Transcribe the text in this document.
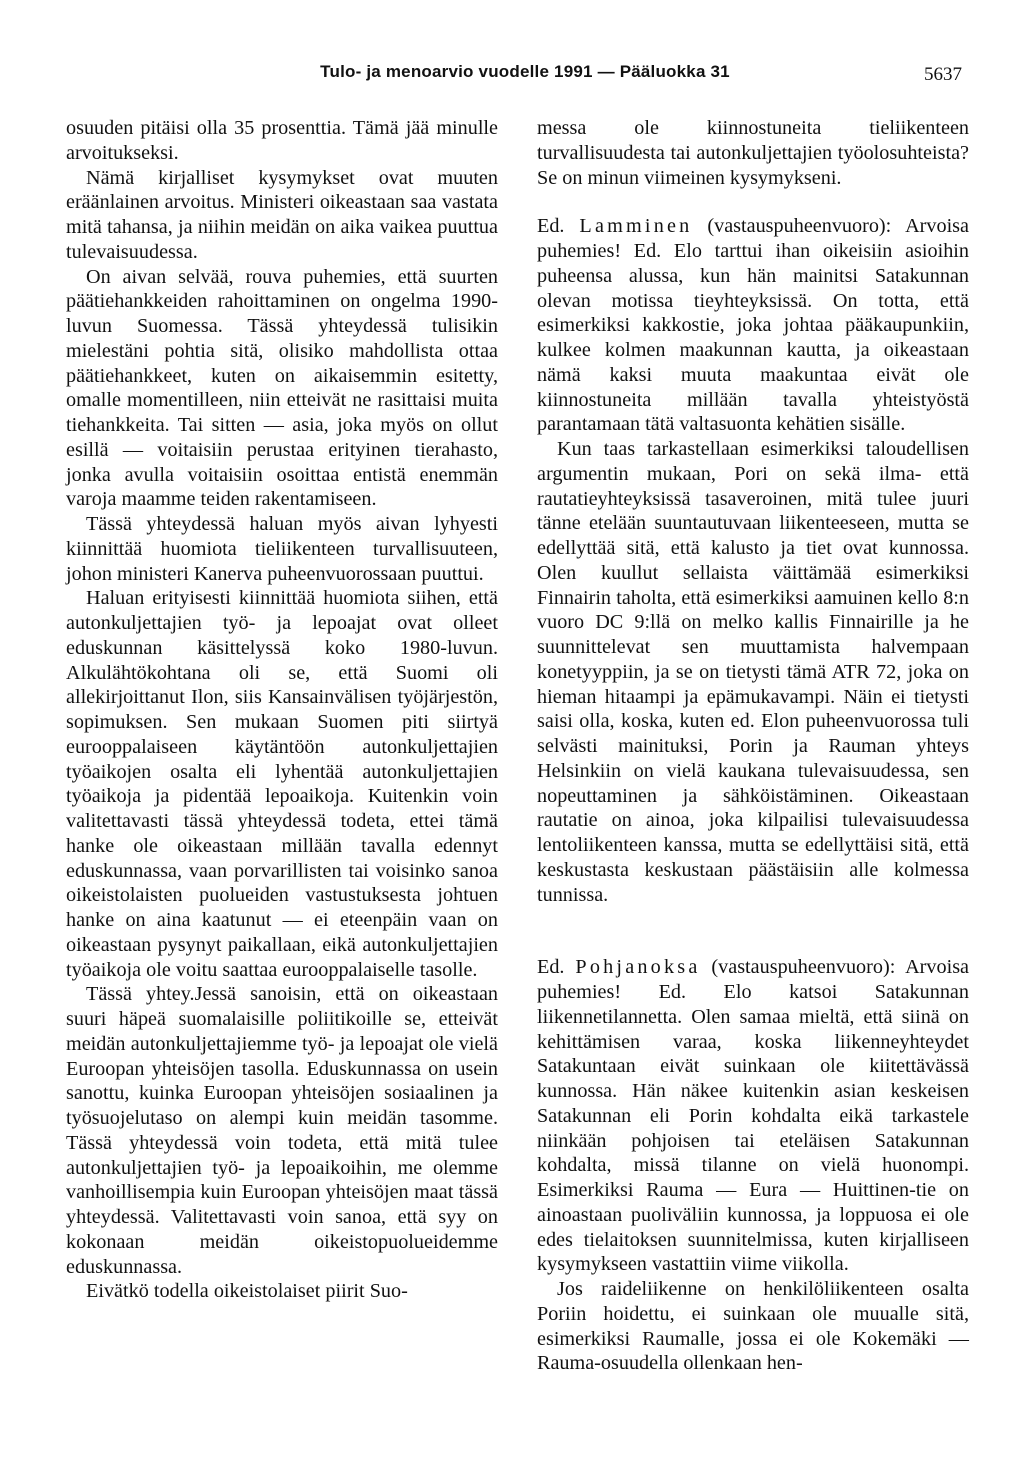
Tulo- ja menoarvio vuodelle 1991 — Pääluokka 31	5637

osuuden pitäisi olla 35 prosenttia. Tämä jää minulle arvoitukseksi.

Nämä kirjalliset kysymykset ovat muuten eräänlainen arvoitus. Ministeri oikeastaan saa vastata mitä tahansa, ja niihin meidän on aika vaikea puuttua tulevaisuudessa.

On aivan selvää, rouva puhemies, että suurten päätiehankkeiden rahoittaminen on ongelma 1990-luvun Suomessa. Tässä yhteydessä tulisikin mielestäni pohtia sitä, olisiko mahdollista ottaa päätiehankkeet, kuten on aikaisemmin esitetty, omalle momentilleen, niin etteivät ne rasittaisi muita tiehankkeita. Tai sitten — asia, joka myös on ollut esillä — voitaisiin perustaa erityinen tierahasto, jonka avulla voitaisiin osoittaa entistä enemmän varoja maamme teiden rakentamiseen.

Tässä yhteydessä haluan myös aivan lyhyesti kiinnittää huomiota tieliikenteen turvallisuuteen, johon ministeri Kanerva puheenvuorossaan puuttui.

Haluan erityisesti kiinnittää huomiota siihen, että autonkuljettajien työ- ja lepoajat ovat olleet eduskunnan käsittelyssä koko 1980-luvun. Alkulähtökohtana oli se, että Suomi oli allekirjoittanut Ilon, siis Kansainvälisen työjärjestön, sopimuksen. Sen mukaan Suomen piti siirtyä eurooppalaiseen käytäntöön autonkuljettajien työaikojen osalta eli lyhentää autonkuljettajien työaikoja ja pidentää lepoaikoja. Kuitenkin voin valitettavasti tässä yhteydessä todeta, ettei tämä hanke ole oikeastaan millään tavalla edennyt eduskunnassa, vaan porvarillisten tai voisinko sanoa oikeistolaisten puolueiden vastustuksesta johtuen hanke on aina kaatunut — ei eteenpäin vaan on oikeastaan pysynyt paikallaan, eikä autonkuljettajien työaikoja ole voitu saattaa eurooppalaiselle tasolle.

Tässä yhtey.Jessä sanoisin, että on oikeastaan suuri häpeä suomalaisille poliitikoille se, etteivät meidän autonkuljettajiemme työ- ja lepoajat ole vielä Euroopan yhteisöjen tasolla. Eduskunnassa on usein sanottu, kuinka Euroopan yhteisöjen sosiaalinen ja työsuojelutaso on alempi kuin meidän tasomme. Tässä yhteydessä voin todeta, että mitä tulee autonkuljettajien työ- ja lepoaikoihin, me olemme vanhoillisempia kuin Euroopan yhteisöjen maat tässä yhteydessä. Valitettavasti voin sanoa, että syy on kokonaan meidän oikeistopuolueidemme eduskunnassa.

Eivätkö todella oikeistolaiset piirit Suo-

messa ole kiinnostuneita tieliikenteen turvallisuudesta tai autonkuljettajien työolosuhteista? Se on minun viimeinen kysymykseni.

Ed. Lamminen (vastauspuheenvuoro): Arvoisa puhemies! Ed. Elo tarttui ihan oikeisiin asioihin puheensa alussa, kun hän mainitsi Satakunnan olevan motissa tieyhteyksissä. On totta, että esimerkiksi kakkostie, joka johtaa pääkaupunkiin, kulkee kolmen maakunnan kautta, ja oikeastaan nämä kaksi muuta maakuntaa eivät ole kiinnostuneita millään tavalla yhteistyöstä parantamaan tätä valtasuonta kehätien sisälle.

Kun taas tarkastellaan esimerkiksi taloudellisen argumentin mukaan, Pori on sekä ilma- että rautatieyhteyksissä tasaveroinen, mitä tulee juuri tänne etelään suuntautuvaan liikenteeseen, mutta se edellyttää sitä, että kalusto ja tiet ovat kunnossa. Olen kuullut sellaista väittämää esimerkiksi Finnairin taholta, että esimerkiksi aamuinen kello 8:n vuoro DC 9:llä on melko kallis Finnairille ja he suunnittelevat sen muuttamista halvempaan konetyyppiin, ja se on tietysti tämä ATR 72, joka on hieman hitaampi ja epämukavampi. Näin ei tietysti saisi olla, koska, kuten ed. Elon puheenvuorossa tuli selvästi mainituksi, Porin ja Rauman yhteys Helsinkiin on vielä kaukana tulevaisuudessa, sen nopeuttaminen ja sähköistäminen. Oikeastaan rautatie on ainoa, joka kilpailisi tulevaisuudessa lentoliikenteen kanssa, mutta se edellyttäisi sitä, että keskustasta keskustaan päästäisiin alle kolmessa tunnissa.

Ed. Pohjanoksa (vastauspuheenvuoro): Arvoisa puhemies! Ed. Elo katsoi Satakunnan liikennetilannetta. Olen samaa mieltä, että siinä on kehittämisen varaa, koska liikenneyhteydet Satakuntaan eivät suinkaan ole kiitettävässä kunnossa. Hän näkee kuitenkin asian keskeisen Satakunnan eli Porin kohdalta eikä tarkastele niinkään pohjoisen tai eteläisen Satakunnan kohdalta, missä tilanne on vielä huonompi. Esimerkiksi Rauma — Eura — Huittinen-tie on ainoastaan puoliväliin kunnossa, ja loppuosa ei ole edes tielaitoksen suunnitelmissa, kuten kirjalliseen kysymykseen vastattiin viime viikolla.

Jos raideliikenne on henkilöliikenteen osalta Poriin hoidettu, ei suinkaan ole muualle sitä, esimerkiksi Raumalle, jossa ei ole Kokemäki — Rauma-osuudella ollenkaan hen-
